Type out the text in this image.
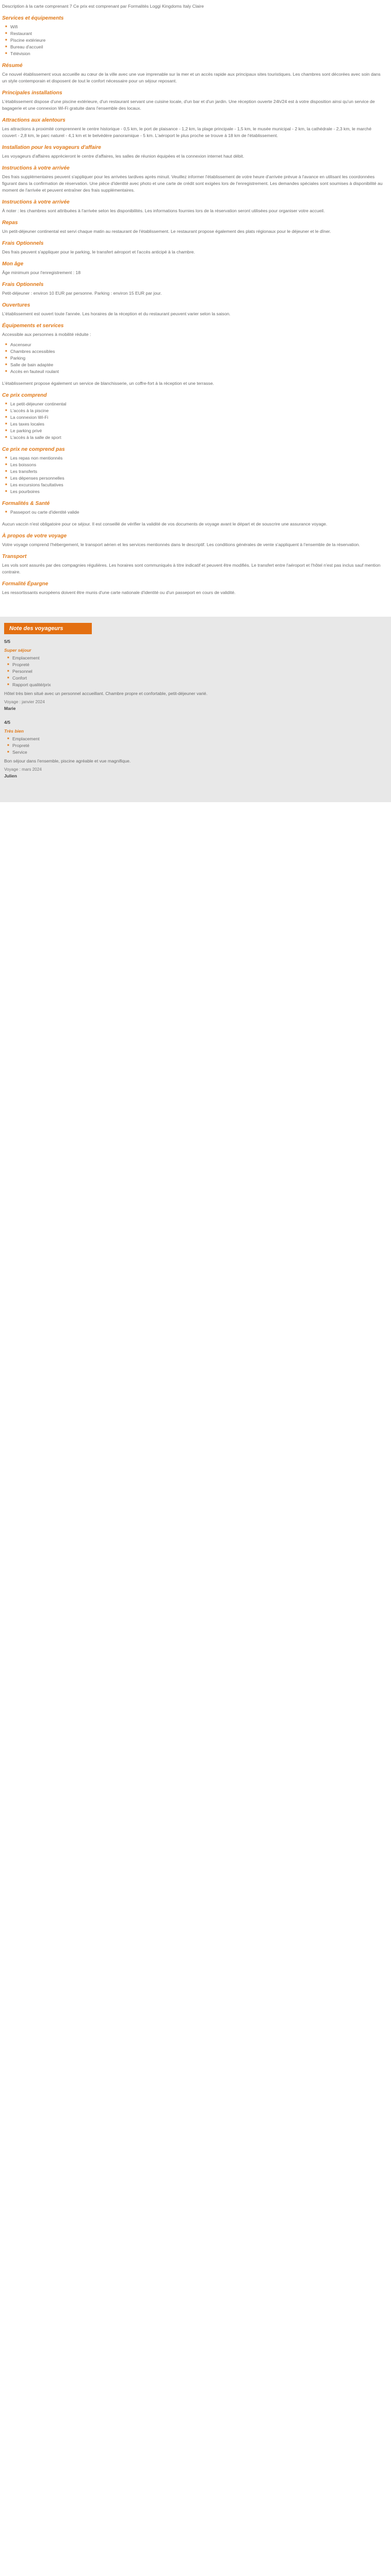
Description à la carte comprenant 7 Ce prix est comprenant par Formalités Loggi Kingdoms Italy Claire

Services et équipements
■ Wifi
■ Restaurant
■ Piscine extérieure
■ Bureau d'accueil
■ Télévision
Résumé

Ce nouvel établissement vous accueille au cœur de la ville avec une vue imprenable sur la mer et un accès rapide aux principaux sites touristiques. Les chambres sont décorées avec soin dans un style contemporain et disposent de tout le confort nécessaire pour un séjour reposant.

Principales installations

L'établissement dispose d'une piscine extérieure, d'un restaurant servant une cuisine locale, d'un bar et d'un jardin. Une réception ouverte 24h/24 est à votre disposition ainsi qu'un service de bagagerie et une connexion Wi-Fi gratuite dans l'ensemble des locaux.

Attractions aux alentours

Les attractions à proximité comprennent le centre historique - 0,5 km, le port de plaisance - 1,2 km, la plage principale - 1,5 km, le musée municipal - 2 km, la cathédrale - 2,3 km, le marché couvert - 2,8 km, le parc naturel - 4,1 km et le belvédère panoramique - 5 km. L'aéroport le plus proche se trouve à 18 km de l'établissement.

Installation pour les voyageurs d'affaire

Les voyageurs d'affaires apprécieront le centre d'affaires, les salles de réunion équipées et la connexion internet haut débit.

Instructions à votre arrivée

Des frais supplémentaires peuvent s'appliquer pour les arrivées tardives après minuit. Veuillez informer l'établissement de votre heure d'arrivée prévue à l'avance en utilisant les coordonnées figurant dans la confirmation de réservation. Une pièce d'identité avec photo et une carte de crédit sont exigées lors de l'enregistrement. Les demandes spéciales sont soumises à disponibilité au moment de l'arrivée et peuvent entraîner des frais supplémentaires.

Instructions à votre arrivée

À noter : les chambres sont attribuées à l'arrivée selon les disponibilités. Les informations fournies lors de la réservation seront utilisées pour organiser votre accueil.

Repas

Un petit-déjeuner continental est servi chaque matin au restaurant de l'établissement. Le restaurant propose également des plats régionaux pour le déjeuner et le dîner.

Frais Optionnels

Des frais peuvent s'appliquer pour le parking, le transfert aéroport et l'accès anticipé à la chambre.

Mon âge

Âge minimum pour l'enregistrement : 18

Frais Optionnels

Petit-déjeuner : environ 10 EUR par personne. Parking : environ 15 EUR par jour.

Ouvertures

L'établissement est ouvert toute l'année. Les horaires de la réception et du restaurant peuvent varier selon la saison.

Équipements et services

Accessible aux personnes à mobilité réduite :

■ Ascenseur
■ Chambres accessibles
■ Parking
■ Salle de bain adaptée
■ Accès en fauteuil roulant

L'établissement propose également un service de blanchisserie, un coffre-fort à la réception et une terrasse.

Ce prix comprend
■ Le petit-déjeuner continental
■ L'accès à la piscine
■ La connexion Wi-Fi
■ Les taxes locales
■ Le parking privé
■ L'accès à la salle de sport
Ce prix ne comprend pas
■ Les repas non mentionnés
■ Les boissons
■ Les transferts
■ Les dépenses personnelles
■ Les excursions facultatives
■ Les pourboires
Formalités & Santé
■ Passeport ou carte d'identité valide

Aucun vaccin n'est obligatoire pour ce séjour. Il est conseillé de vérifier la validité de vos documents de voyage avant le départ et de souscrire une assurance voyage.

À propos de votre voyage

Votre voyage comprend l'hébergement, le transport aérien et les services mentionnés dans le descriptif. Les conditions générales de vente s'appliquent à l'ensemble de la réservation.

Transport

Les vols sont assurés par des compagnies régulières. Les horaires sont communiqués à titre indicatif et peuvent être modifiés. Le transfert entre l'aéroport et l'hôtel n'est pas inclus sauf mention contraire.

Formalité Épargne

Les ressortissants européens doivent être munis d'une carte nationale d'identité ou d'un passeport en cours de validité.

Note des voyageurs
5/5
Super séjour
■ Emplacement
■ Propreté
■ Personnel
■ Confort
■ Rapport qualité/prix

Hôtel très bien situé avec un personnel accueillant. Chambre propre et confortable, petit-déjeuner varié.

Voyage : janvier 2024
Marie
4/5
Très bien
■ Emplacement
■ Propreté
■ Service

Bon séjour dans l'ensemble, piscine agréable et vue magnifique.

Voyage : mars 2024
Julien
